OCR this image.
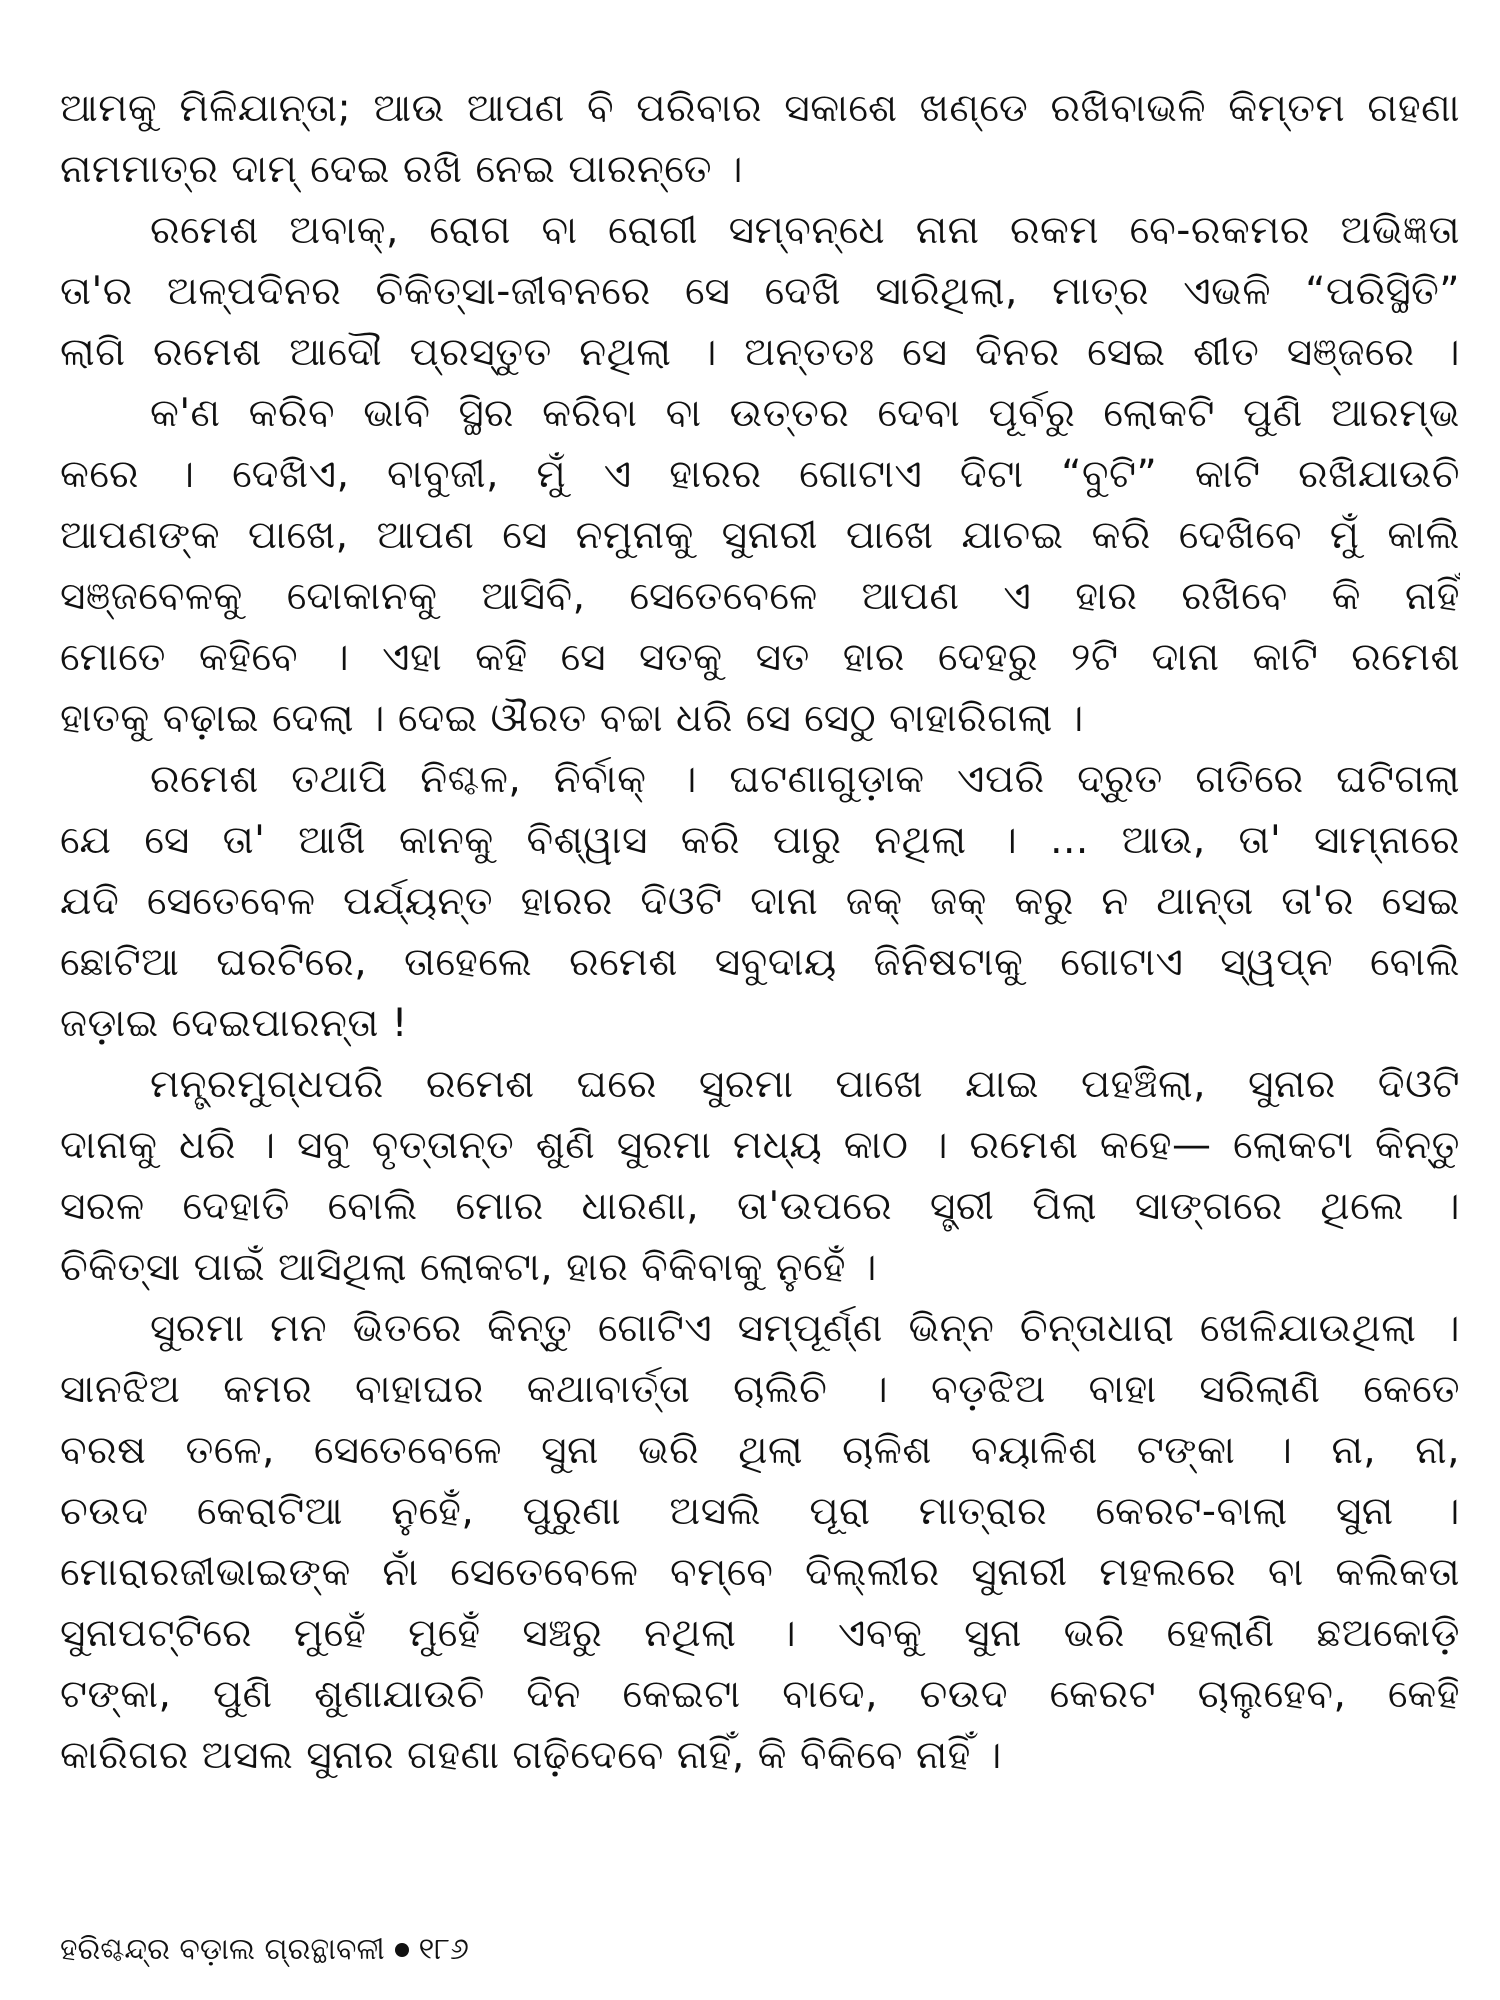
ଆମକୁ ମିଳିଯାନ୍ତା; ଆଉ ଆପଣ ବି ପରିବାର ସକାଶେ ଖଣ୍ଡେ ରଖିବାଭଳି କିମ୍ତମ ଗହଣା
ନାମମାତ୍ର ଦାମ୍ ଦେଇ ରଖି ନେଇ ପାରନ୍ତେ ।
ରମେଶ ଅବାକ୍, ରୋଗ ବା ରୋଗୀ ସମ୍ବନ୍ଧେ ନାନା ରକମ ବେ-ରକମର ଅଭିଜ୍ଞତା
ତା'ର ଅଳ୍ପଦିନର ଚିକିତ୍ସା-ଜୀବନରେ ସେ ଦେଖି ସାରିଥିଲା, ମାତ୍ର ଏଭଳି “ପରିସ୍ଥିତି”
ଲାଗି ରମେଶ ଆଦୌ ପ୍ରସ୍ତୁତ ନଥିଲା । ଅନ୍ତତଃ ସେ ଦିନର ସେଇ ଶୀତ ସଞ୍ଜରେ ।
କ'ଣ କରିବ ଭାବି ସ୍ଥିର କରିବା ବା ଉତ୍ତର ଦେବା ପୂର୍ବରୁ ଲୋକଟି ପୁଣି ଆରମ୍ଭ
କରେ । ଦେଖିଏ, ବାବୁଜୀ, ମୁଁ ଏ ହାରର ଗୋଟାଏ ଦିଟା “ବୁଟି” କାଟି ରଖିଯାଉଚି
ଆପଣଙ୍କ ପାଖେ, ଆପଣ ସେ ନମୁନାକୁ ସୁନାରୀ ପାଖେ ଯାଚଇ କରି ଦେଖିବେ ମୁଁ କାଲି
ସଞ୍ଜବେଳକୁ ଦୋକାନକୁ ଆସିବି, ସେତେବେଳେ ଆପଣ ଏ ହାର ରଖିବେ କି ନାହିଁ
ମୋତେ କହିବେ । ଏହା କହି ସେ ସତକୁ ସତ ହାର ଦେହରୁ ୨ଟି ଦାନା କାଟି ରମେଶ
ହାତକୁ ବଢ଼ାଇ ଦେଲା । ଦେଇ ଔରତ ବଚ୍ଚା ଧରି ସେ ସେଠୁ ବାହାରିଗଲା ।
ରମେଶ ତଥାପି ନିଶ୍ଚଳ, ନିର୍ବାକ୍ । ଘଟଣାଗୁଡ଼ାକ ଏପରି ଦ୍ରୁତ ଗତିରେ ଘଟିଗଲା
ଯେ ସେ ତା' ଆଖି କାନକୁ ବିଶ୍ୱାସ କରି ପାରୁ ନଥିଲା । ... ଆଉ, ତା' ସାମ୍ନାରେ
ଯଦି ସେତେବେଳ ପର୍ଯ୍ୟନ୍ତ ହାରର ଦିଓଟି ଦାନା ଜକ୍ ଜକ୍ କରୁ ନ ଥାନ୍ତା ତା'ର ସେଇ
ଛୋଟିଆ ଘରଟିରେ, ତାହେଲେ ରମେଶ ସବୁଦାୟ ଜିନିଷଟାକୁ ଗୋଟାଏ ସ୍ୱପ୍ନ ବୋଲି
ଜଡ଼ାଇ ଦେଇପାରନ୍ତା !
ମନ୍ତ୍ରମୁଗ୍ଧପରି ରମେଶ ଘରେ ସୁରମା ପାଖେ ଯାଇ ପହଞ୍ଚିଲା, ସୁନାର ଦିଓଟି
ଦାନାକୁ ଧରି । ସବୁ ବୃତ୍ତାନ୍ତ ଶୁଣି ସୁରମା ମଧ୍ୟ କାଠ । ରମେଶ କହେ— ଲୋକଟା କିନ୍ତୁ
ସରଳ ଦେହାତି ବୋଲି ମୋର ଧାରଣା, ତା'ଉପରେ ସ୍ତ୍ରୀ ପିଲା ସାଙ୍ଗରେ ଥିଲେ ।
ଚିକିତ୍ସା ପାଇଁ ଆସିଥିଲା ଲୋକଟା, ହାର ବିକିବାକୁ ନୁହେଁ ।
ସୁରମା ମନ ଭିତରେ କିନ୍ତୁ ଗୋଟିଏ ସମ୍ପୂର୍ଣ୍ଣ ଭିନ୍ନ ଚିନ୍ତାଧାରା ଖେଳିଯାଉଥିଲା ।
ସାନଝିଅ କମର ବାହାଘର କଥାବାର୍ତ୍ତା ଚାଲିଚି । ବଡ଼ଝିଅ ବାହା ସରିଲାଣି କେତେ
ବରଷ ତଳେ, ସେତେବେଳେ ସୁନା ଭରି ଥିଲା ଚାଳିଶ ବୟାଳିଶ ଟଙ୍କା । ନା, ନା,
ଚଉଦ କେରାଟିଆ ନୁହେଁ, ପୁରୁଣା ଅସଲି ପୂରା ମାତ୍ରାର କେରଟ-ବାଲା ସୁନା ।
ମୋରାରଜୀଭାଇଙ୍କ ନାଁ ସେତେବେଳେ ବମ୍ବେ ଦିଲ୍ଲୀର ସୁନାରୀ ମହଲରେ ବା କଲିକତା
ସୁନାପଟ୍ଟିରେ ମୁହେଁ ମୁହେଁ ସଞ୍ଚରୁ ନଥିଲା । ଏବକୁ ସୁନା ଭରି ହେଲାଣି ଛଅକୋଡ଼ି
ଟଙ୍କା, ପୁଣି ଶୁଣାଯାଉଚି ଦିନ କେଇଟା ବାଦେ, ଚଉଦ କେରଟ ଚାଲୁହେବ, କେହି
କାରିଗର ଅସଲ ସୁନାର ଗହଣା ଗଢ଼ିଦେବେ ନାହିଁ, କି ବିକିବେ ନାହିଁ ।
ହରିଶ୍ଚନ୍ଦ୍ର ବଡ଼ାଲ ଗ୍ରନ୍ଥାବଳୀ ୧୮୬
